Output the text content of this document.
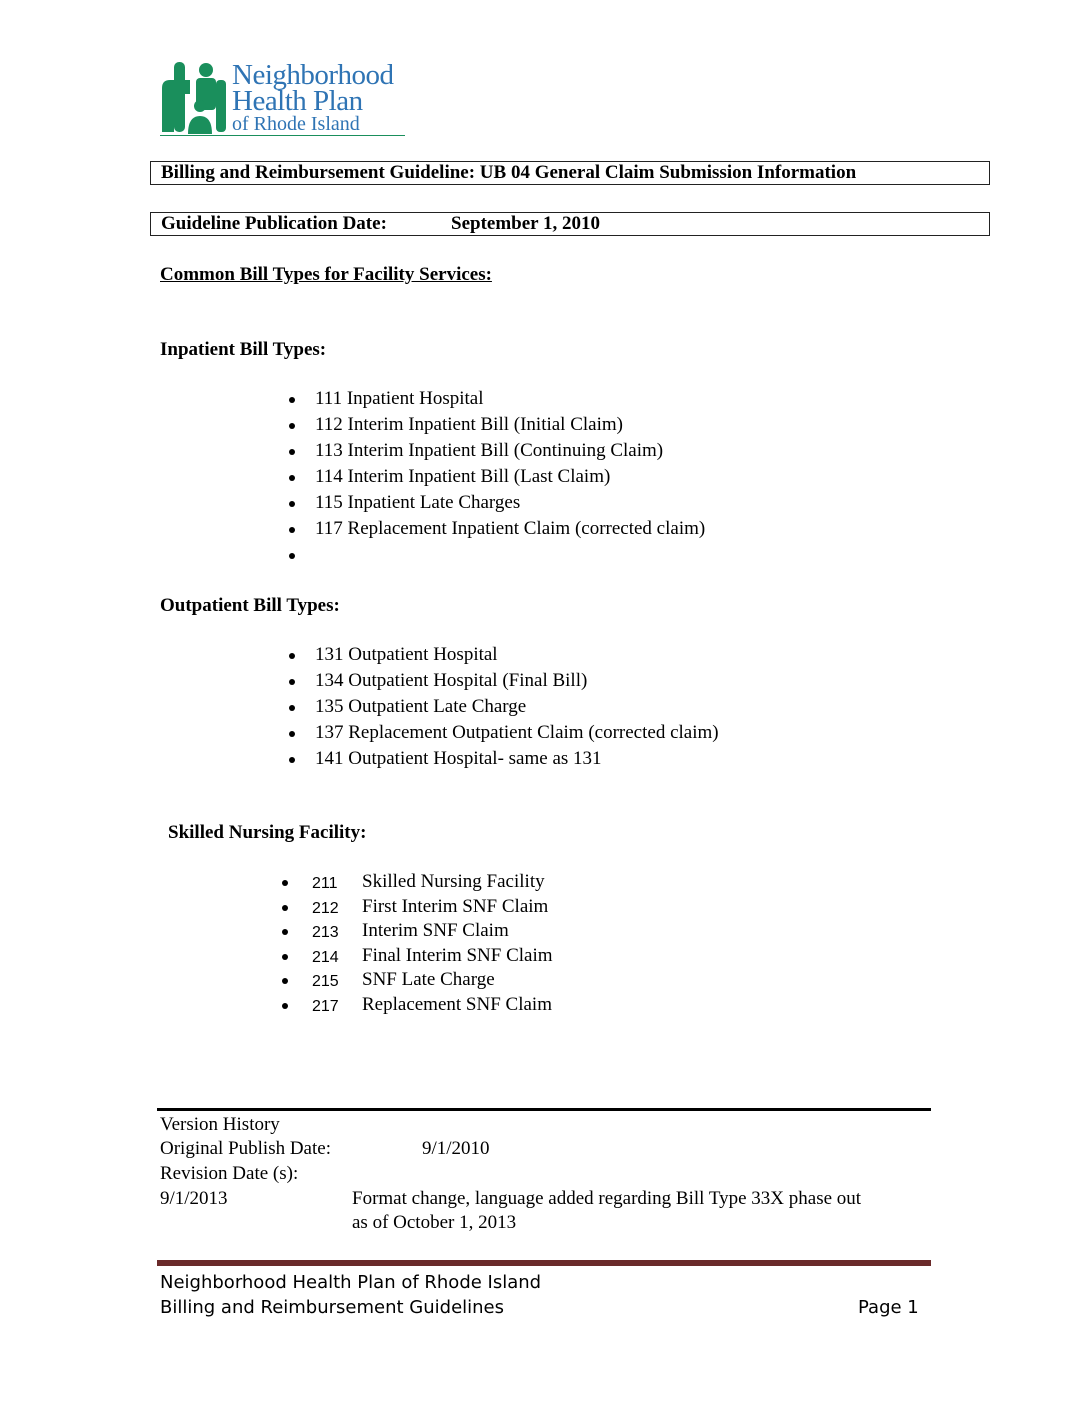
Neighborhood
Health Plan
of Rhode Island
Billing and Reimbursement Guideline: UB 04 General Claim Submission Information
Guideline Publication Date:	September 1, 2010
Common Bill Types for Facility Services:
Inpatient Bill Types:
111 Inpatient Hospital
112 Interim Inpatient Bill (Initial Claim)
113 Interim Inpatient Bill (Continuing Claim)
114 Interim Inpatient Bill (Last Claim)
115 Inpatient Late Charges
117 Replacement Inpatient Claim (corrected claim)
Outpatient Bill Types:
131 Outpatient Hospital
134 Outpatient Hospital (Final Bill)
135 Outpatient Late Charge
137 Replacement Outpatient Claim (corrected claim)
141 Outpatient Hospital- same as 131
Skilled Nursing Facility:
211 Skilled Nursing Facility
212 First Interim SNF Claim
213 Interim SNF Claim
214 Final Interim SNF Claim
215 SNF Late Charge
217 Replacement SNF Claim
Version History
Original Publish Date:	9/1/2010
Revision Date (s):
9/1/2013	Format change, language added regarding Bill Type 33X phase out
as of October 1, 2013
Neighborhood Health Plan of Rhode Island
Billing and Reimbursement Guidelines	Page 1
